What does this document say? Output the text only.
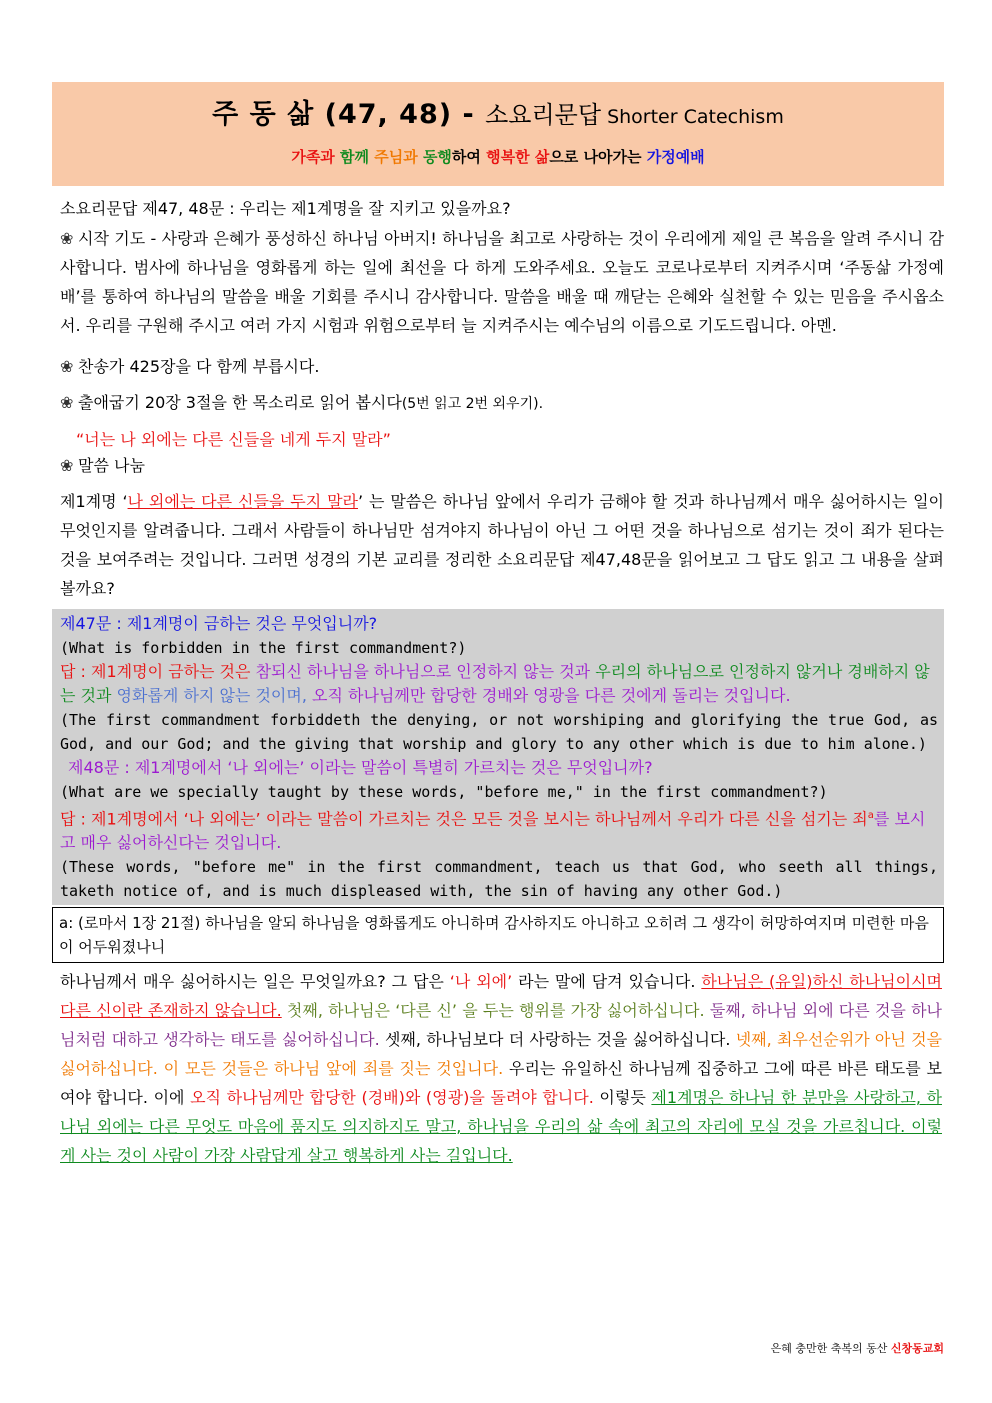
주 동 삶 (47, 48) - 소요리문답 Shorter Catechism
가족과 함께 주님과 동행하여 행복한 삶으로 나아가는 가정예배
소요리문답 제47, 48문 : 우리는 제1계명을 잘 지키고 있을까요?
❀ 시작 기도 - 사랑과 은혜가 풍성하신 하나님 아버지! 하나님을 최고로 사랑하는 것이 우리에게 제일 큰 복음을 알려 주시니 감사합니다. 범사에 하나님을 영화롭게 하는 일에 최선을 다 하게 도와주세요. 오늘도 코로나로부터 지켜주시며 ‘주동삶 가정예배’를 통하여 하나님의 말씀을 배울 기회를 주시니 감사합니다. 말씀을 배울 때 깨닫는 은혜와 실천할 수 있는 믿음을 주시옵소서. 우리를 구원해 주시고 여러 가지 시험과 위험으로부터 늘 지켜주시는 예수님의 이름으로 기도드립니다. 아멘.
❀ 찬송가 425장을 다 함께 부릅시다.
❀ 출애굽기 20장 3절을 한 목소리로 읽어 봅시다(5번 읽고 2번 외우기).
“너는 나 외에는 다른 신들을 네게 두지 말라”
❀ 말씀 나눔
제1계명 ‘나 외에는 다른 신들을 두지 말라’ 는 말씀은 하나님 앞에서 우리가 금해야 할 것과 하나님께서 매우 싫어하시는 일이 무엇인지를 알려줍니다. 그래서 사람들이 하나님만 섬겨야지 하나님이 아닌 그 어떤 것을 하나님으로 섬기는 것이 죄가 된다는 것을 보여주려는 것입니다. 그러면 성경의 기본 교리를 정리한 소요리문답 제47,48문을 읽어보고 그 답도 읽고 그 내용을 살펴볼까요?
제47문 : 제1계명이 금하는 것은 무엇입니까?
(What is forbidden in the first commandment?)
답 : 제1계명이 금하는 것은 참되신 하나님을 하나님으로 인정하지 않는 것과 우리의 하나님으로 인정하지 않거나 경배하지 않는 것과 영화롭게 하지 않는 것이며, 오직 하나님께만 합당한 경배와 영광을 다른 것에게 돌리는 것입니다.
(The first commandment forbiddeth the denying, or not worshiping and glorifying the true God, as God, and our God; and the giving that worship and glory to any other which is due to him alone.)
제48문 : 제1계명에서 ‘나 외에는’ 이라는 말씀이 특별히 가르치는 것은 무엇입니까?
(What are we specially taught by these words, "before me," in the first commandment?)
답 : 제1계명에서 ‘나 외에는’ 이라는 말씀이 가르치는 것은 모든 것을 보시는 하나님께서 우리가 다른 신을 섬기는 죄$^a$를 보시고 매우 싫어하신다는 것입니다.
(These words, "before me" in the first commandment, teach us that God, who seeth all things, taketh notice of, and is much displeased with, the sin of having any other God.)
a: (로마서 1장 21절) 하나님을 알되 하나님을 영화롭게도 아니하며 감사하지도 아니하고 오히려 그 생각이 허망하여지며 미련한 마음이 어두워졌나니
하나님께서 매우 싫어하시는 일은 무엇일까요? 그 답은 ‘나 외에’ 라는 말에 담겨 있습니다. 하나님은 (유일)하신 하나님이시며 다른 신이란 존재하지 않습니다. 첫째, 하나님은 ‘다른 신’ 을 두는 행위를 가장 싫어하십니다. 둘째, 하나님 외에 다른 것을 하나님처럼 대하고 생각하는 태도를 싫어하십니다. 셋째, 하나님보다 더 사랑하는 것을 싫어하십니다. 넷째, 최우선순위가 아닌 것을 싫어하십니다. 이 모든 것들은 하나님 앞에 죄를 짓는 것입니다. 우리는 유일하신 하나님께 집중하고 그에 따른 바른 태도를 보여야 합니다. 이에 오직 하나님께만 합당한 (경배)와 (영광)을 돌려야 합니다. 이렇듯 제1계명은 하나님 한 분만을 사랑하고, 하나님 외에는 다른 무엇도 마음에 품지도 의지하지도 말고, 하나님을 우리의 삶 속에 최고의 자리에 모실 것을 가르칩니다. 이렇게 사는 것이 사람이 가장 사람답게 살고 행복하게 사는 길입니다.
은혜 충만한 축복의 동산 신창동교회
